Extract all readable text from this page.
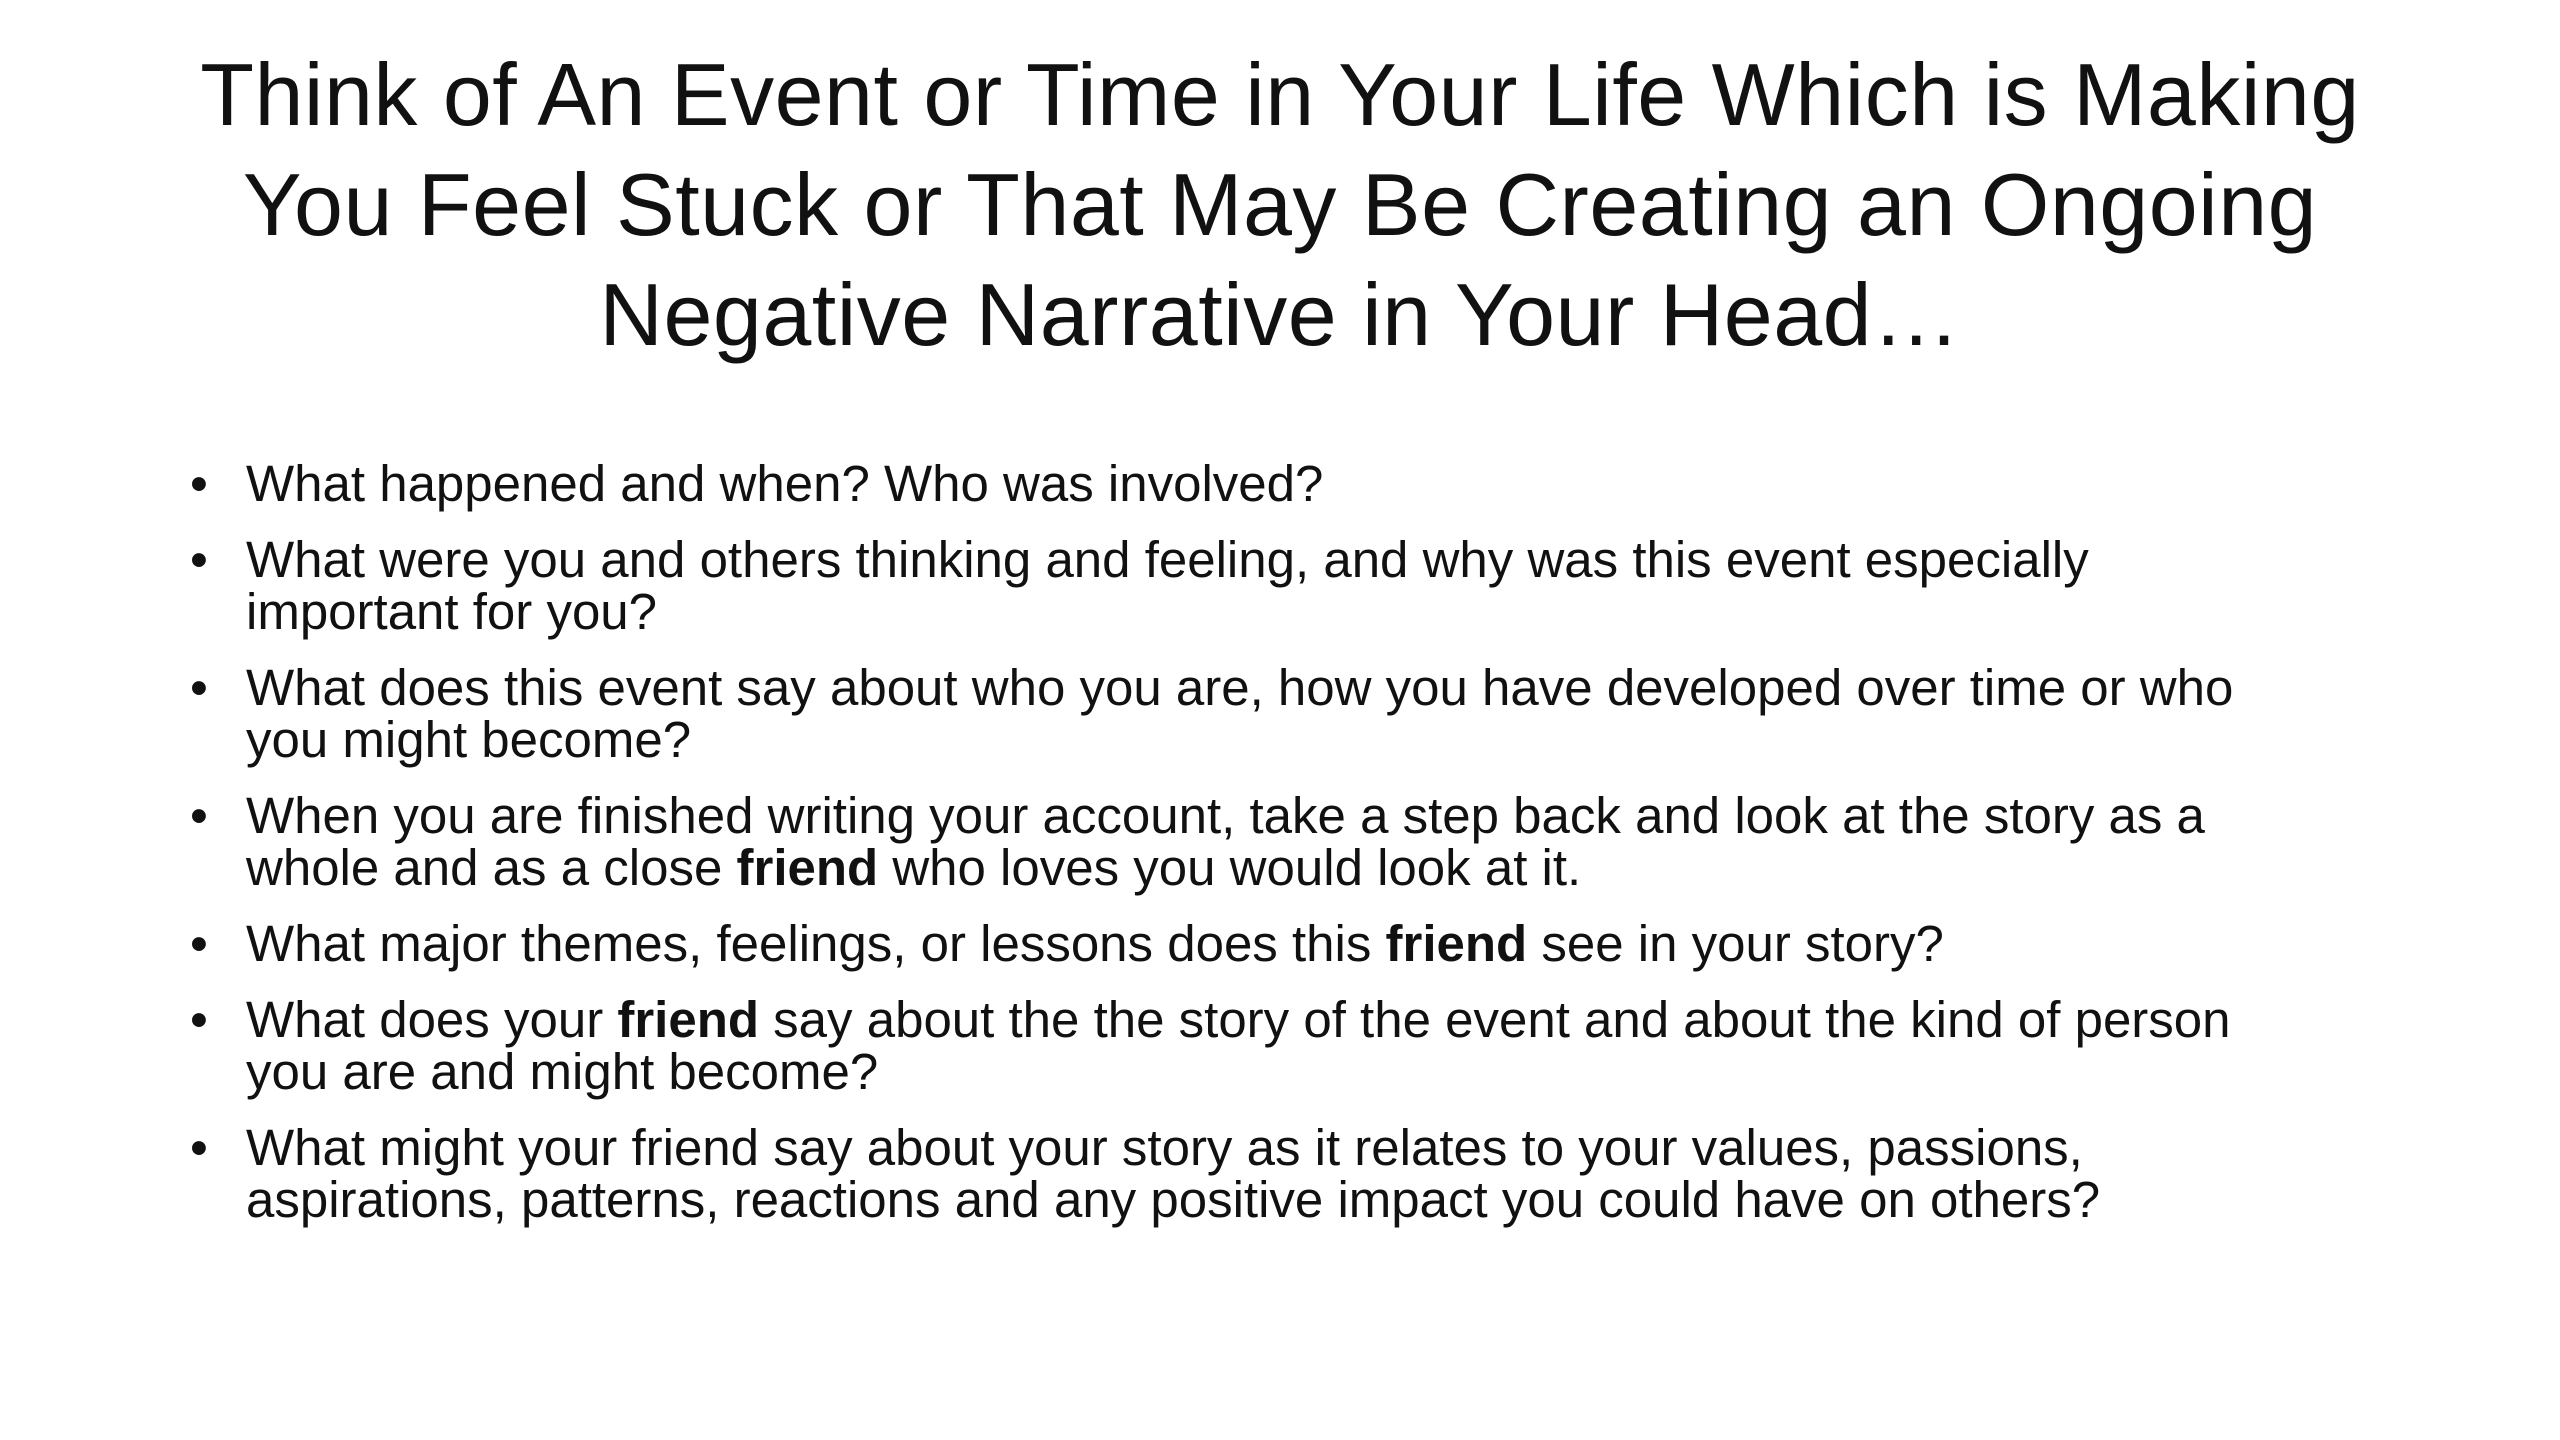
Think of An Event or Time in Your Life Which is Making
You Feel Stuck or That May Be Creating an Ongoing
Negative Narrative in Your Head…
• What happened and when? Who was involved?
• What were you and others thinking and feeling, and why was this event especially
important for you?
• What does this event say about who you are, how you have developed over time or who
you might become?
• When you are finished writing your account, take a step back and look at the story as a
whole and as a close friend who loves you would look at it.
• What major themes, feelings, or lessons does this friend see in your story?
• What does your friend say about the the story of the event and about the kind of person
you are and might become?
• What might your friend say about your story as it relates to your values, passions,
aspirations, patterns, reactions and any positive impact you could have on others?
